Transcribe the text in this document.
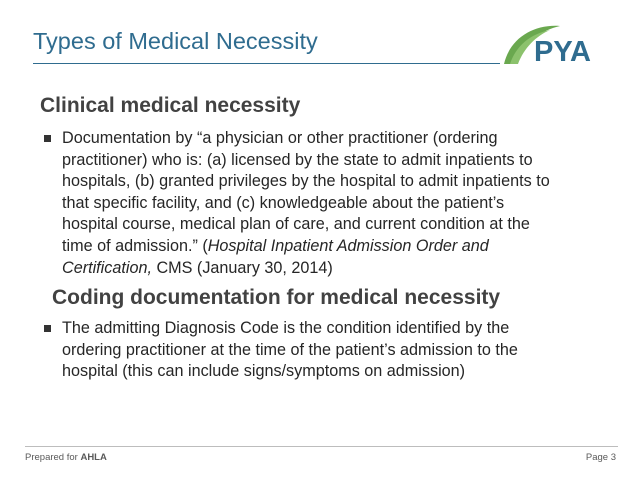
Types of Medical Necessity	PYA
Clinical medical necessity
Documentation by “a physician or other practitioner (ordering
practitioner) who is: (a) licensed by the state to admit inpatients to
hospitals, (b) granted privileges by the hospital to admit inpatients to
that specific facility, and (c) knowledgeable about the patient’s
hospital course, medical plan of care, and current condition at the
time of admission.” (Hospital Inpatient Admission Order and
Certification, CMS (January 30, 2014)
Coding documentation for medical necessity
The admitting Diagnosis Code is the condition identified by the
ordering practitioner at the time of the patient’s admission to the
hospital (this can include signs/symptoms on admission)
Prepared for AHLA	Page 3
